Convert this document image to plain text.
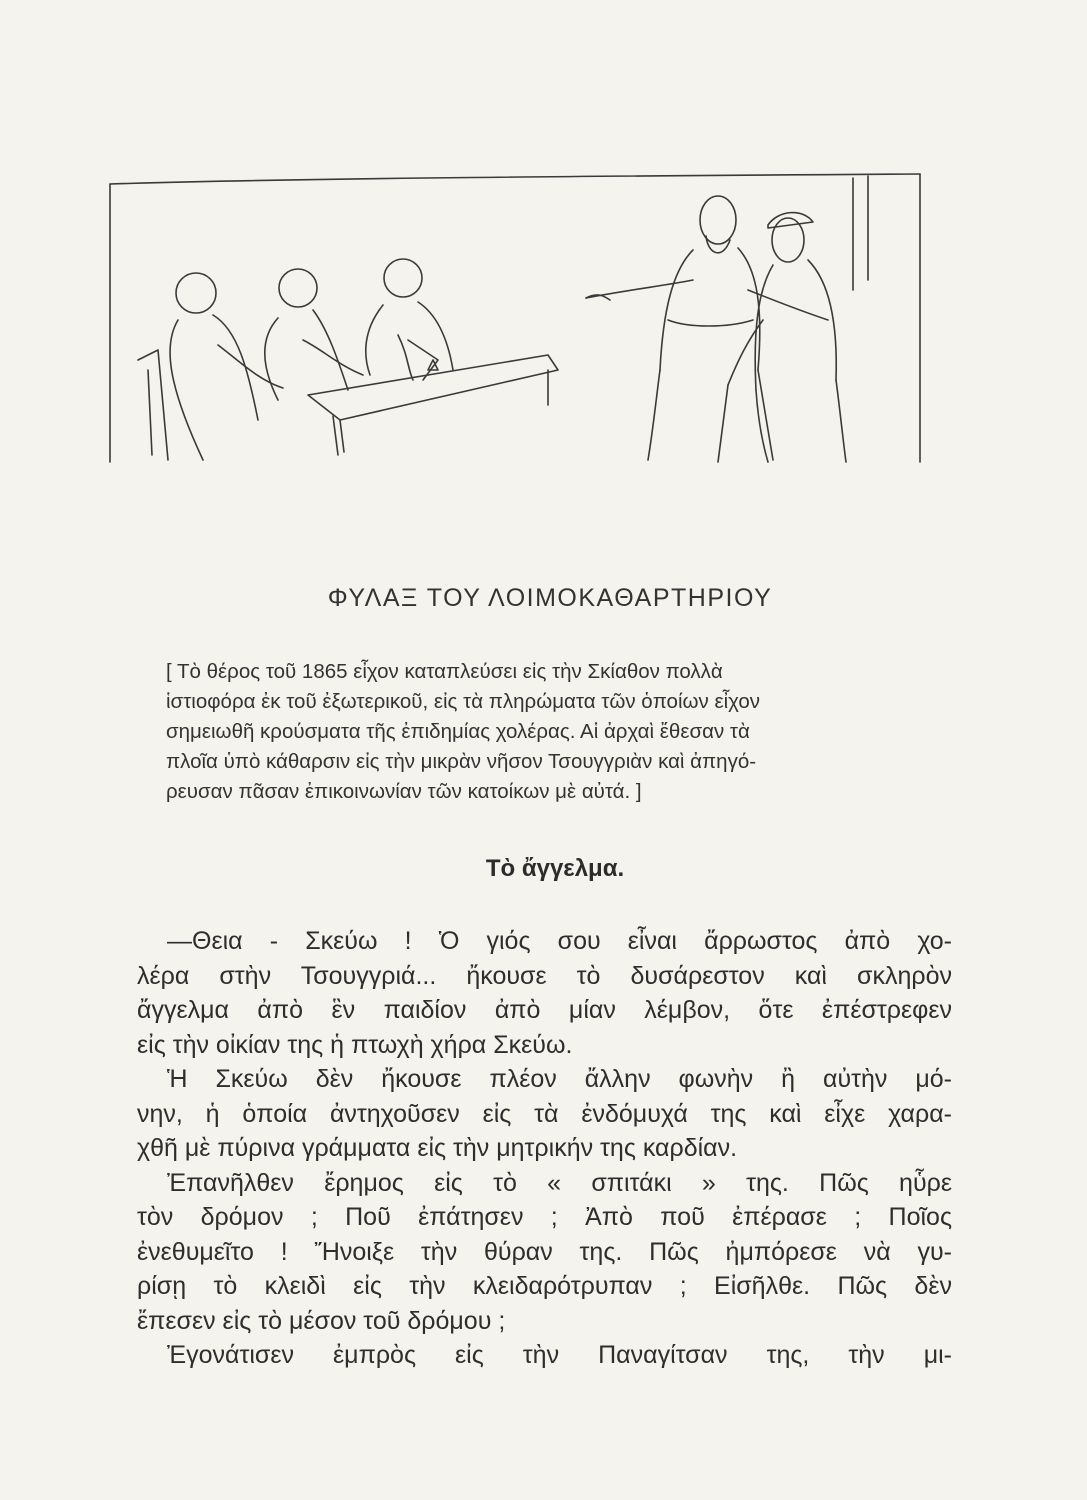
ΦΥΛΑΞ ΤΟΥ ΛΟΙΜΟΚΑΘΑΡΤΗΡΙΟΥ
[ Τὸ θέρος τοῦ 1865 εἶχον καταπλεύσει εἰς τὴν Σκίαθον πολλὰ
ἱστιοφόρα ἐκ τοῦ ἐξωτερικοῦ, εἰς τὰ πληρώματα τῶν ὁποίων εἶχον
σημειωθῆ κρούσματα τῆς ἐπιδημίας χολέρας. Αἱ ἀρχαὶ ἔθεσαν τὰ
πλοῖα ὑπὸ κάθαρσιν εἰς τὴν μικρὰν νῆσον Τσουγγριὰν καὶ ἀπηγό-
ρευσαν πᾶσαν ἐπικοινωνίαν τῶν κατοίκων μὲ αὐτά. ]
Τὸ ἄγγελμα.
—Θεια - Σκεύω ! Ὁ γιός σου εἶναι ἄρρωστος ἀπὸ χο-
λέρα στὴν Τσουγγριά... ἤκουσε τὸ δυσάρεστον καὶ σκληρὸν
ἄγγελμα ἀπὸ ἓν παιδίον ἀπὸ μίαν λέμβον, ὅτε ἐπέστρεφεν
εἰς τὴν οἰκίαν της ἡ πτωχὴ χήρα Σκεύω.
Ἡ Σκεύω δὲν ἤκουσε πλέον ἄλλην φωνὴν ἢ αὐτὴν μό-
νην, ἡ ὁποία ἀντηχοῦσεν εἰς τὰ ἐνδόμυχά της καὶ εἶχε χαρα-
χθῆ μὲ πύρινα γράμματα εἰς τὴν μητρικήν της καρδίαν.
Ἐπανῆλθεν ἔρημος εἰς τὸ « σπιτάκι » της. Πῶς ηὗρε
τὸν δρόμον ; Ποῦ ἐπάτησεν ; Ἀπὸ ποῦ ἐπέρασε ; Ποῖος
ἐνεθυμεῖτο ! Ἤνοιξε τὴν θύραν της. Πῶς ἠμπόρεσε νὰ γυ-
ρίσῃ τὸ κλειδὶ εἰς τὴν κλειδαρότρυπαν ; Εἰσῆλθε. Πῶς δὲν
ἔπεσεν εἰς τὸ μέσον τοῦ δρόμου ;
Ἐγονάτισεν ἐμπρὸς εἰς τὴν Παναγίτσαν της, τὴν μι-
